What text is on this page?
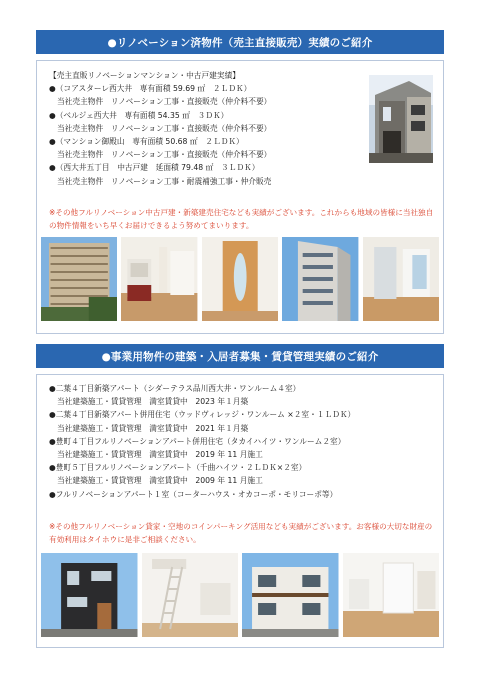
●リノベーション済物件（売主直接販売）実績のご紹介
【売主直販リノベーションマンション・中古戸建実績】
●（コアスターレ西大井　専有面積 59.69 ㎡　２ＬＤＫ）
当社売主物件　リノベーション工事・直接販売（仲介料不要）
●（ベルジェ西大井　専有面積 54.35 ㎡　３ＤＫ）
当社売主物件　リノベーション工事・直接販売（仲介料不要）
●（マンション御殿山　専有面積 50.68 ㎡　２ＬＤＫ）
当社売主物件　リノベーション工事・直接販売（仲介料不要）
●（西大井五丁目　中古戸建　延面積 79.48 ㎡　３ＬＤＫ）
当社売主物件　リノベーション工事・耐震補強工事・仲介販売
※その他フルリノベーション中古戸建・新築建売住宅なども実績がございます。これからも地域の皆様に当社独自の物件情報をいち早くお届けできるよう努めてまいります。
●事業用物件の建築・入居者募集・賃貸管理実績のご紹介
●二葉４丁目新築アパート（シダーテラス品川西大井・ワンルーム４室）
当社建築施工・賃貸管理　満室賃貸中　2023 年１月築
●二葉４丁目新築アパート併用住宅（ウッドヴィレッジ・ワンルーム ×２室・１ＬＤＫ）
当社建築施工・賃貸管理　満室賃貸中　2021 年１月築
●豊町４丁目フルリノベーションアパート併用住宅（タカイハイツ・ワンルーム２室）
当社建築施工・賃貸管理　満室賃貸中　2019 年 11 月施工
●豊町５丁目フルリノベーションアパート（千曲ハイツ・２ＬＤＫ×２室）
当社建築施工・賃貸管理　満室賃貸中　2009 年 11 月施工
●フルリノベーションアパート１室（コーターハウス・オカコーポ・モリコーポ等）
※その他フルリノベーション貸家・空地のコインパーキング活用なども実績がございます。お客様の大切な財産の有効利用はタイホウに是非ご相談ください。
